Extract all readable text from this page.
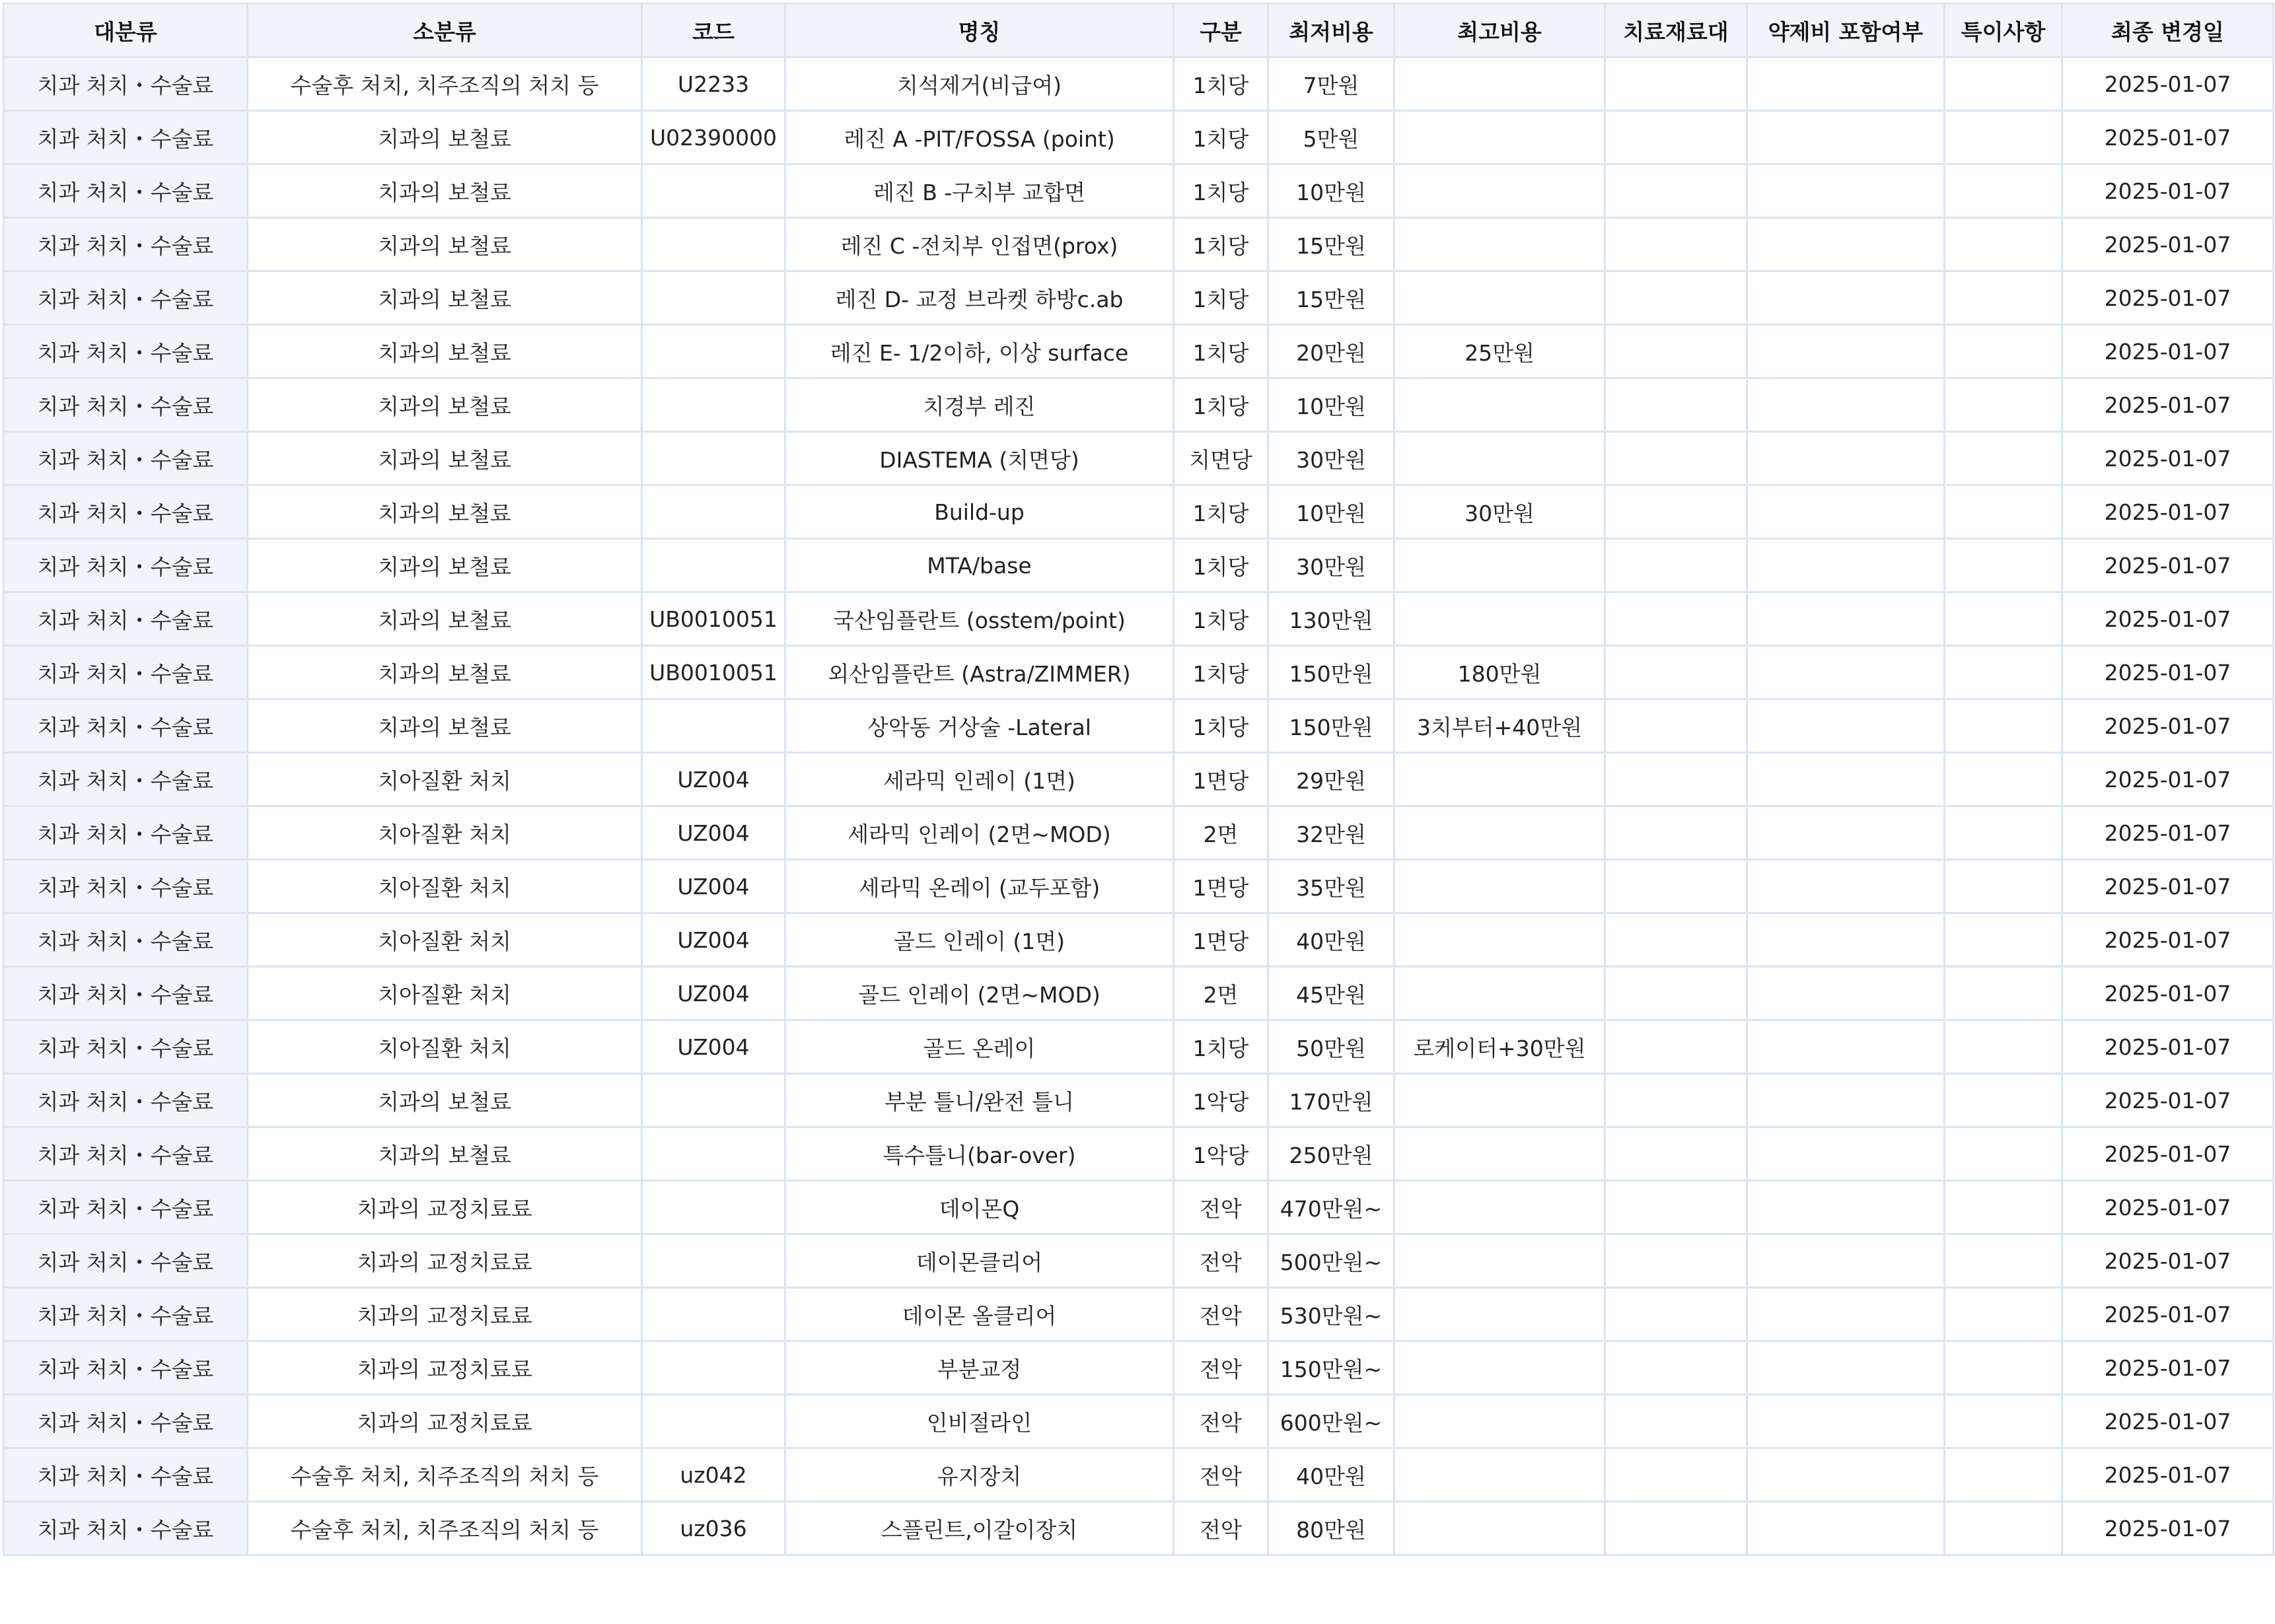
대분류	소분류	코드	명칭	구분	최저비용	최고비용	치료재료대	약제비 포함여부	특이사항	최종 변경일
치과 처치・수술료	수술후 처치, 치주조직의 처치 등	U2233	치석제거(비급여)	1치당	7만원					2025-01-07
치과 처치・수술료	치과의 보철료	U02390000	레진 A -PIT/FOSSA (point)	1치당	5만원					2025-01-07
치과 처치・수술료	치과의 보철료		레진 B -구치부 교합면	1치당	10만원					2025-01-07
치과 처치・수술료	치과의 보철료		레진 C -전치부 인접면(prox)	1치당	15만원					2025-01-07
치과 처치・수술료	치과의 보철료		레진 D- 교정 브라켓 하방c.ab	1치당	15만원					2025-01-07
치과 처치・수술료	치과의 보철료		레진 E- 1/2이하, 이상 surface	1치당	20만원	25만원				2025-01-07
치과 처치・수술료	치과의 보철료		치경부 레진	1치당	10만원					2025-01-07
치과 처치・수술료	치과의 보철료		DIASTEMA (치면당)	치면당	30만원					2025-01-07
치과 처치・수술료	치과의 보철료		Build-up	1치당	10만원	30만원				2025-01-07
치과 처치・수술료	치과의 보철료		MTA/base	1치당	30만원					2025-01-07
치과 처치・수술료	치과의 보철료	UB0010051	국산임플란트 (osstem/point)	1치당	130만원					2025-01-07
치과 처치・수술료	치과의 보철료	UB0010051	외산임플란트 (Astra/ZIMMER)	1치당	150만원	180만원				2025-01-07
치과 처치・수술료	치과의 보철료		상악동 거상술 -Lateral	1치당	150만원	3치부터+40만원				2025-01-07
치과 처치・수술료	치아질환 처치	UZ004	세라믹 인레이 (1면)	1면당	29만원					2025-01-07
치과 처치・수술료	치아질환 처치	UZ004	세라믹 인레이 (2면~MOD)	2면	32만원					2025-01-07
치과 처치・수술료	치아질환 처치	UZ004	세라믹 온레이 (교두포함)	1면당	35만원					2025-01-07
치과 처치・수술료	치아질환 처치	UZ004	골드 인레이 (1면)	1면당	40만원					2025-01-07
치과 처치・수술료	치아질환 처치	UZ004	골드 인레이 (2면~MOD)	2면	45만원					2025-01-07
치과 처치・수술료	치아질환 처치	UZ004	골드 온레이	1치당	50만원	로케이터+30만원				2025-01-07
치과 처치・수술료	치과의 보철료		부분 틀니/완전 틀니	1악당	170만원					2025-01-07
치과 처치・수술료	치과의 보철료		특수틀니(bar-over)	1악당	250만원					2025-01-07
치과 처치・수술료	치과의 교정치료료		데이몬Q	전악	470만원~					2025-01-07
치과 처치・수술료	치과의 교정치료료		데이몬클리어	전악	500만원~					2025-01-07
치과 처치・수술료	치과의 교정치료료		데이몬 올클리어	전악	530만원~					2025-01-07
치과 처치・수술료	치과의 교정치료료		부분교정	전악	150만원~					2025-01-07
치과 처치・수술료	치과의 교정치료료		인비절라인	전악	600만원~					2025-01-07
치과 처치・수술료	수술후 처치, 치주조직의 처치 등	uz042	유지장치	전악	40만원					2025-01-07
치과 처치・수술료	수술후 처치, 치주조직의 처치 등	uz036	스플린트,이갈이장치	전악	80만원					2025-01-07
